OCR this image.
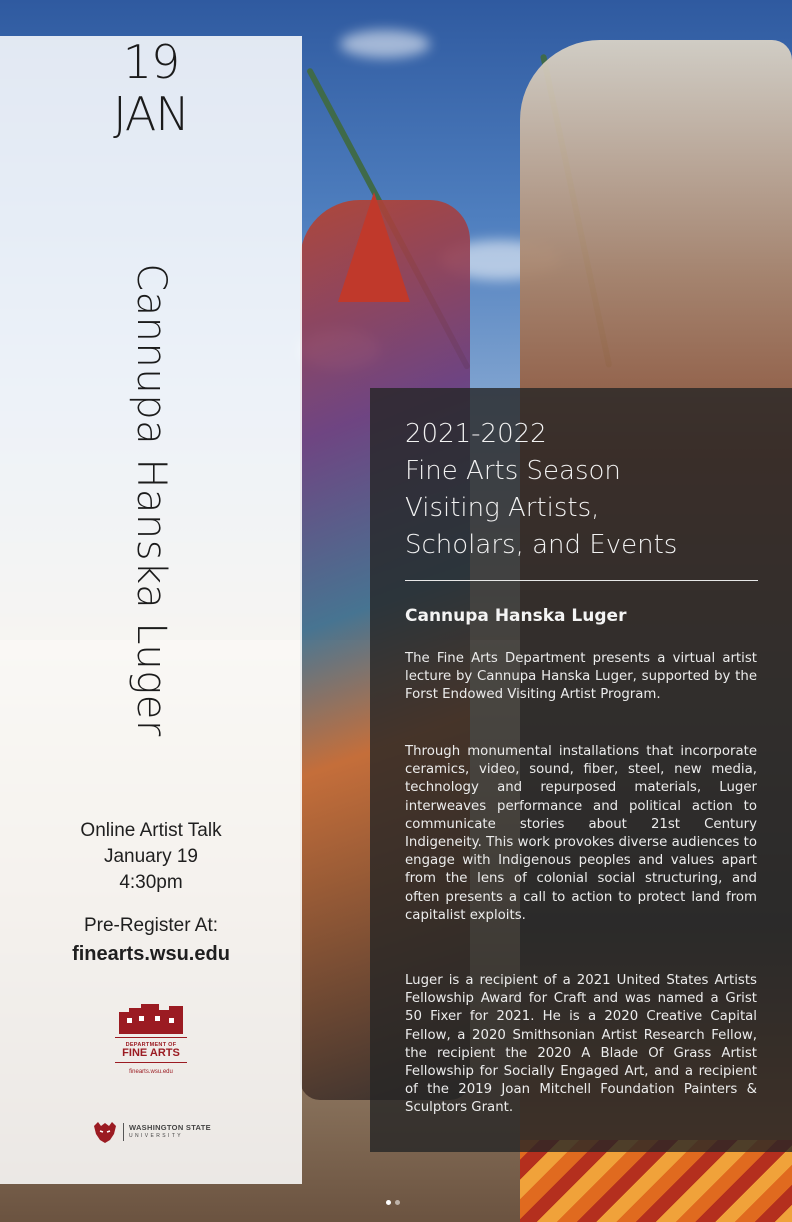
19
JAN
Cannupa Hanska Luger
Online Artist Talk
January 19
4:30pm
Pre-Register At:
finearts.wsu.edu
DEPARTMENT OF
FINE ARTS
finearts.wsu.edu
WASHINGTON STATE
UNIVERSITY
2021-2022
Fine Arts Season
Visiting Artists,
Scholars, and Events
Cannupa Hanska Luger
The Fine Arts Department presents a virtual artist lecture by Cannupa Hanska Luger, supported by the Forst Endowed Visiting Artist Program.
Through monumental installations that incorporate ceramics, video, sound, fiber, steel, new media, technology and repurposed materials, Luger interweaves performance and political action to communicate stories about 21st Century Indigeneity. This work provokes diverse audiences to engage with Indigenous peoples and values apart from the lens of colonial social structuring, and often presents a call to action to protect land from capitalist exploits.
Luger is a recipient of a 2021 United States Artists Fellowship Award for Craft and was named a Grist 50 Fixer for 2021. He is a 2020 Creative Capital Fellow, a 2020 Smithsonian Artist Research Fellow, the recipient the 2020 A Blade Of Grass Artist Fellowship for Socially Engaged Art, and a recipient of the 2019 Joan Mitchell Foundation Painters & Sculptors Grant.
